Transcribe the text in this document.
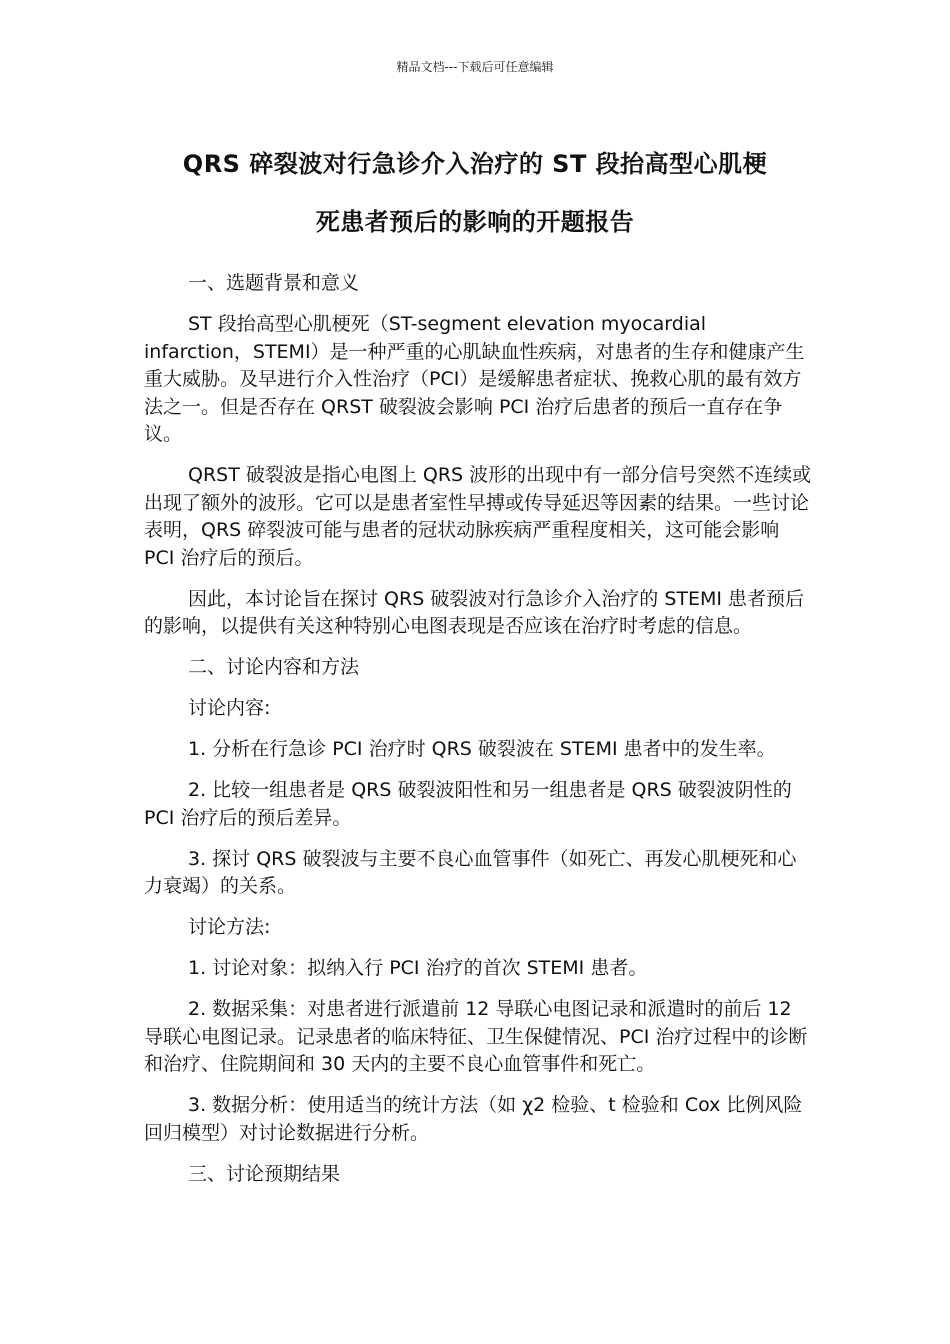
精品文档---下载后可任意编辑
QRS 碎裂波对行急诊介入治疗的 ST 段抬高型心肌梗
死患者预后的影响的开题报告

一、选题背景和意义

ST 段抬高型心肌梗死（ST-segment elevation myocardial infarction，STEMI）是一种严重的心肌缺血性疾病，对患者的生存和健康产生重大威胁。及早进行介入性治疗（PCI）是缓解患者症状、挽救心肌的最有效方法之一。但是否存在 QRST 破裂波会影响 PCI 治疗后患者的预后一直存在争议。

QRST 破裂波是指心电图上 QRS 波形的出现中有一部分信号突然不连续或出现了额外的波形。它可以是患者室性早搏或传导延迟等因素的结果。一些讨论表明，QRS 碎裂波可能与患者的冠状动脉疾病严重程度相关，这可能会影响 PCI 治疗后的预后。

因此，本讨论旨在探讨 QRS 破裂波对行急诊介入治疗的 STEMI 患者预后的影响，以提供有关这种特别心电图表现是否应该在治疗时考虑的信息。

二、讨论内容和方法

讨论内容:

1. 分析在行急诊 PCI 治疗时 QRS 破裂波在 STEMI 患者中的发生率。

2. 比较一组患者是 QRS 破裂波阳性和另一组患者是 QRS 破裂波阴性的 PCI 治疗后的预后差异。

3. 探讨 QRS 破裂波与主要不良心血管事件（如死亡、再发心肌梗死和心力衰竭）的关系。

讨论方法:

1. 讨论对象：拟纳入行 PCI 治疗的首次 STEMI 患者。

2. 数据采集：对患者进行派遣前 12 导联心电图记录和派遣时的前后 12 导联心电图记录。记录患者的临床特征、卫生保健情况、PCI 治疗过程中的诊断和治疗、住院期间和 30 天内的主要不良心血管事件和死亡。

3. 数据分析：使用适当的统计方法（如 χ2 检验、t 检验和 Cox 比例风险回归模型）对讨论数据进行分析。

三、讨论预期结果
